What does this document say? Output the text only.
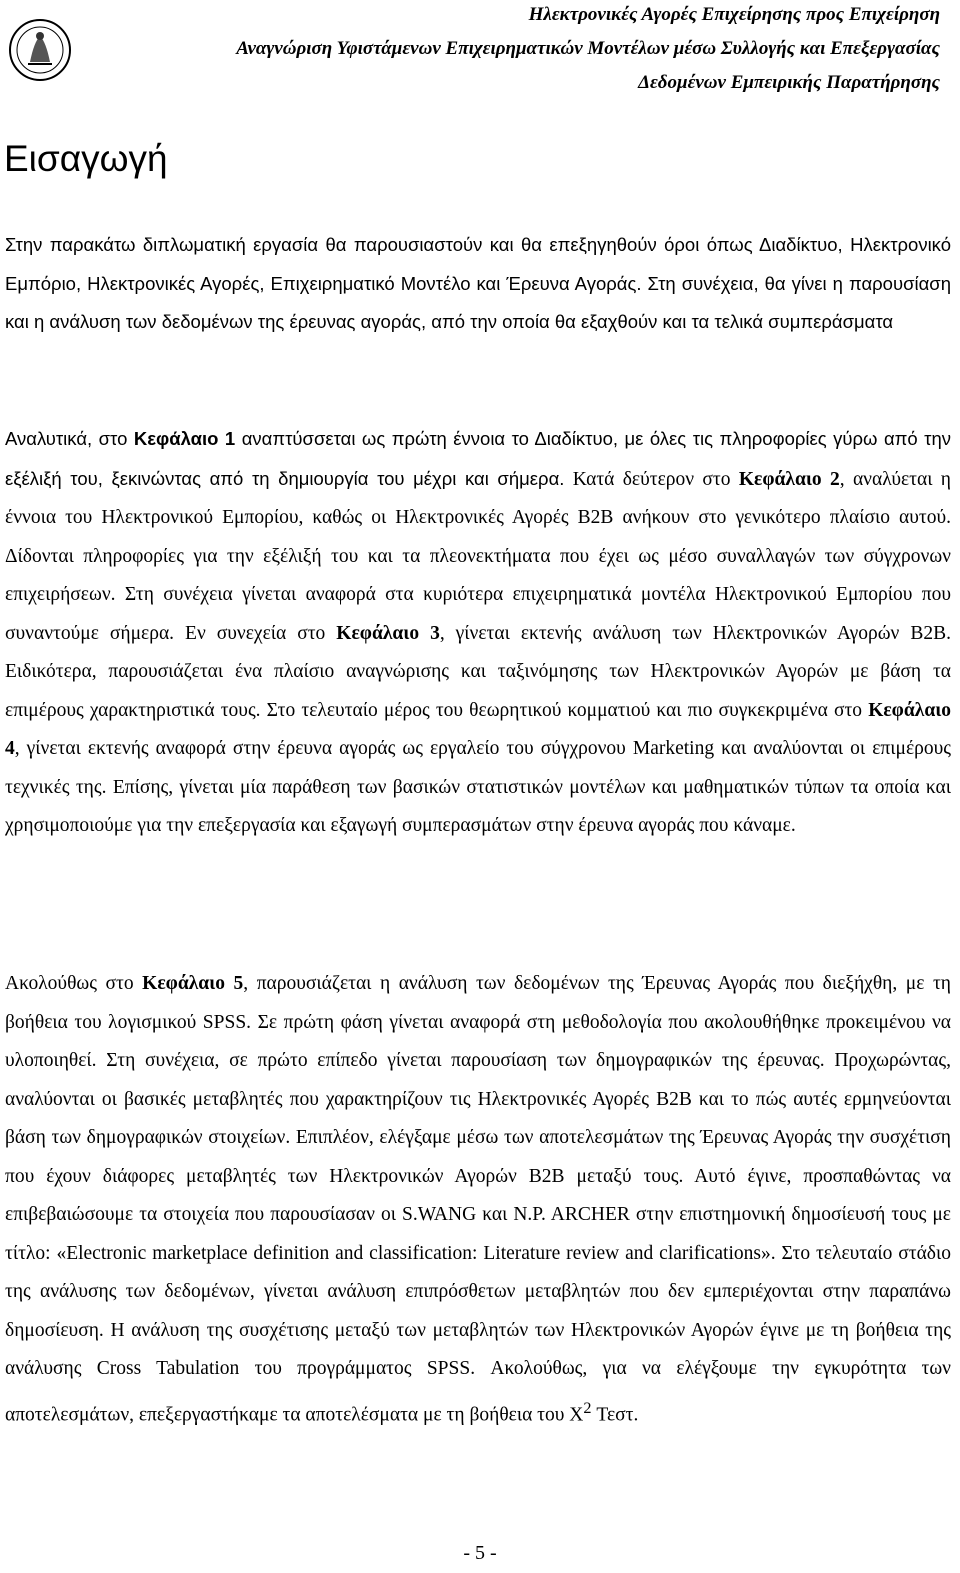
Ηλεκτρονικές Αγορές Επιχείρησης προς Επιχείρηση
Αναγνώριση Υφιστάμενων Επιχειρηματικών Μοντέλων μέσω Συλλογής και Επεξεργασίας
Δεδομένων Εμπειρικής Παρατήρησης
Εισαγωγή

Στην παρακάτω διπλωματική εργασία θα παρουσιαστούν και θα επεξηγηθούν όροι όπως Διαδίκτυο, Ηλεκτρονικό Εμπόριο, Ηλεκτρονικές Αγορές, Επιχειρηματικό Μοντέλο και Έρευνα Αγοράς. Στη συνέχεια, θα γίνει η παρουσίαση και η ανάλυση των δεδομένων της έρευνας αγοράς, από την οποία θα εξαχθούν και τα τελικά συμπεράσματα

Αναλυτικά, στο Κεφάλαιο 1 αναπτύσσεται ως πρώτη έννοια το Διαδίκτυο, με όλες τις πληροφορίες γύρω από την εξέλιξή του, ξεκινώντας από τη δημιουργία του μέχρι και σήμερα. Κατά δεύτερον στο Κεφάλαιο 2, αναλύεται η έννοια του Ηλεκτρονικού Εμπορίου, καθώς οι Ηλεκτρονικές Αγορές B2B ανήκουν στο γενικότερο πλαίσιο αυτού. Δίδονται πληροφορίες για την εξέλιξή του και τα πλεονεκτήματα που έχει ως μέσο συναλλαγών των σύγχρονων επιχειρήσεων. Στη συνέχεια γίνεται αναφορά στα κυριότερα επιχειρηματικά μοντέλα Ηλεκτρονικού Εμπορίου που συναντούμε σήμερα. Εν συνεχεία στο Κεφάλαιο 3, γίνεται εκτενής ανάλυση των Ηλεκτρονικών Αγορών B2B. Ειδικότερα, παρουσιάζεται ένα πλαίσιο αναγνώρισης και ταξινόμησης των Ηλεκτρονικών Αγορών με βάση τα επιμέρους χαρακτηριστικά τους. Στο τελευταίο μέρος του θεωρητικού κομματιού και πιο συγκεκριμένα στο Κεφάλαιο 4, γίνεται εκτενής αναφορά στην έρευνα αγοράς ως εργαλείο του σύγχρονου Marketing και αναλύονται οι επιμέρους τεχνικές της. Επίσης, γίνεται μία παράθεση των βασικών στατιστικών μοντέλων και μαθηματικών τύπων τα οποία και χρησιμοποιούμε για την επεξεργασία και εξαγωγή συμπερασμάτων στην έρευνα αγοράς που κάναμε.

Ακολούθως στο Κεφάλαιο 5, παρουσιάζεται η ανάλυση των δεδομένων της Έρευνας Αγοράς που διεξήχθη, με τη βοήθεια του λογισμικού SPSS. Σε πρώτη φάση γίνεται αναφορά στη μεθοδολογία που ακολουθήθηκε προκειμένου να υλοποιηθεί. Στη συνέχεια, σε πρώτο επίπεδο γίνεται παρουσίαση των δημογραφικών της έρευνας. Προχωρώντας, αναλύονται οι βασικές μεταβλητές που χαρακτηρίζουν τις Ηλεκτρονικές Αγορές B2B και το πώς αυτές ερμηνεύονται βάση των δημογραφικών στοιχείων. Επιπλέον, ελέγξαμε μέσω των αποτελεσμάτων της Έρευνας Αγοράς την συσχέτιση που έχουν διάφορες μεταβλητές των Ηλεκτρονικών Αγορών B2B μεταξύ τους. Αυτό έγινε, προσπαθώντας να επιβεβαιώσουμε τα στοιχεία που παρουσίασαν οι S.WANG και N.P. ARCHER στην επιστημονική δημοσίευσή τους με τίτλο: «Electronic marketplace definition and classification: Literature review and clarifications». Στο τελευταίο στάδιο της ανάλυσης των δεδομένων, γίνεται ανάλυση επιπρόσθετων μεταβλητών που δεν εμπεριέχονται στην παραπάνω δημοσίευση. Η ανάλυση της συσχέτισης μεταξύ των μεταβλητών των Ηλεκτρονικών Αγορών έγινε με τη βοήθεια της ανάλυσης Cross Tabulation του προγράμματος SPSS. Ακολούθως, για να ελέγξουμε την εγκυρότητα των αποτελεσμάτων, επεξεργαστήκαμε τα αποτελέσματα με τη βοήθεια του $X^2$ Τεστ.

- 5 -
